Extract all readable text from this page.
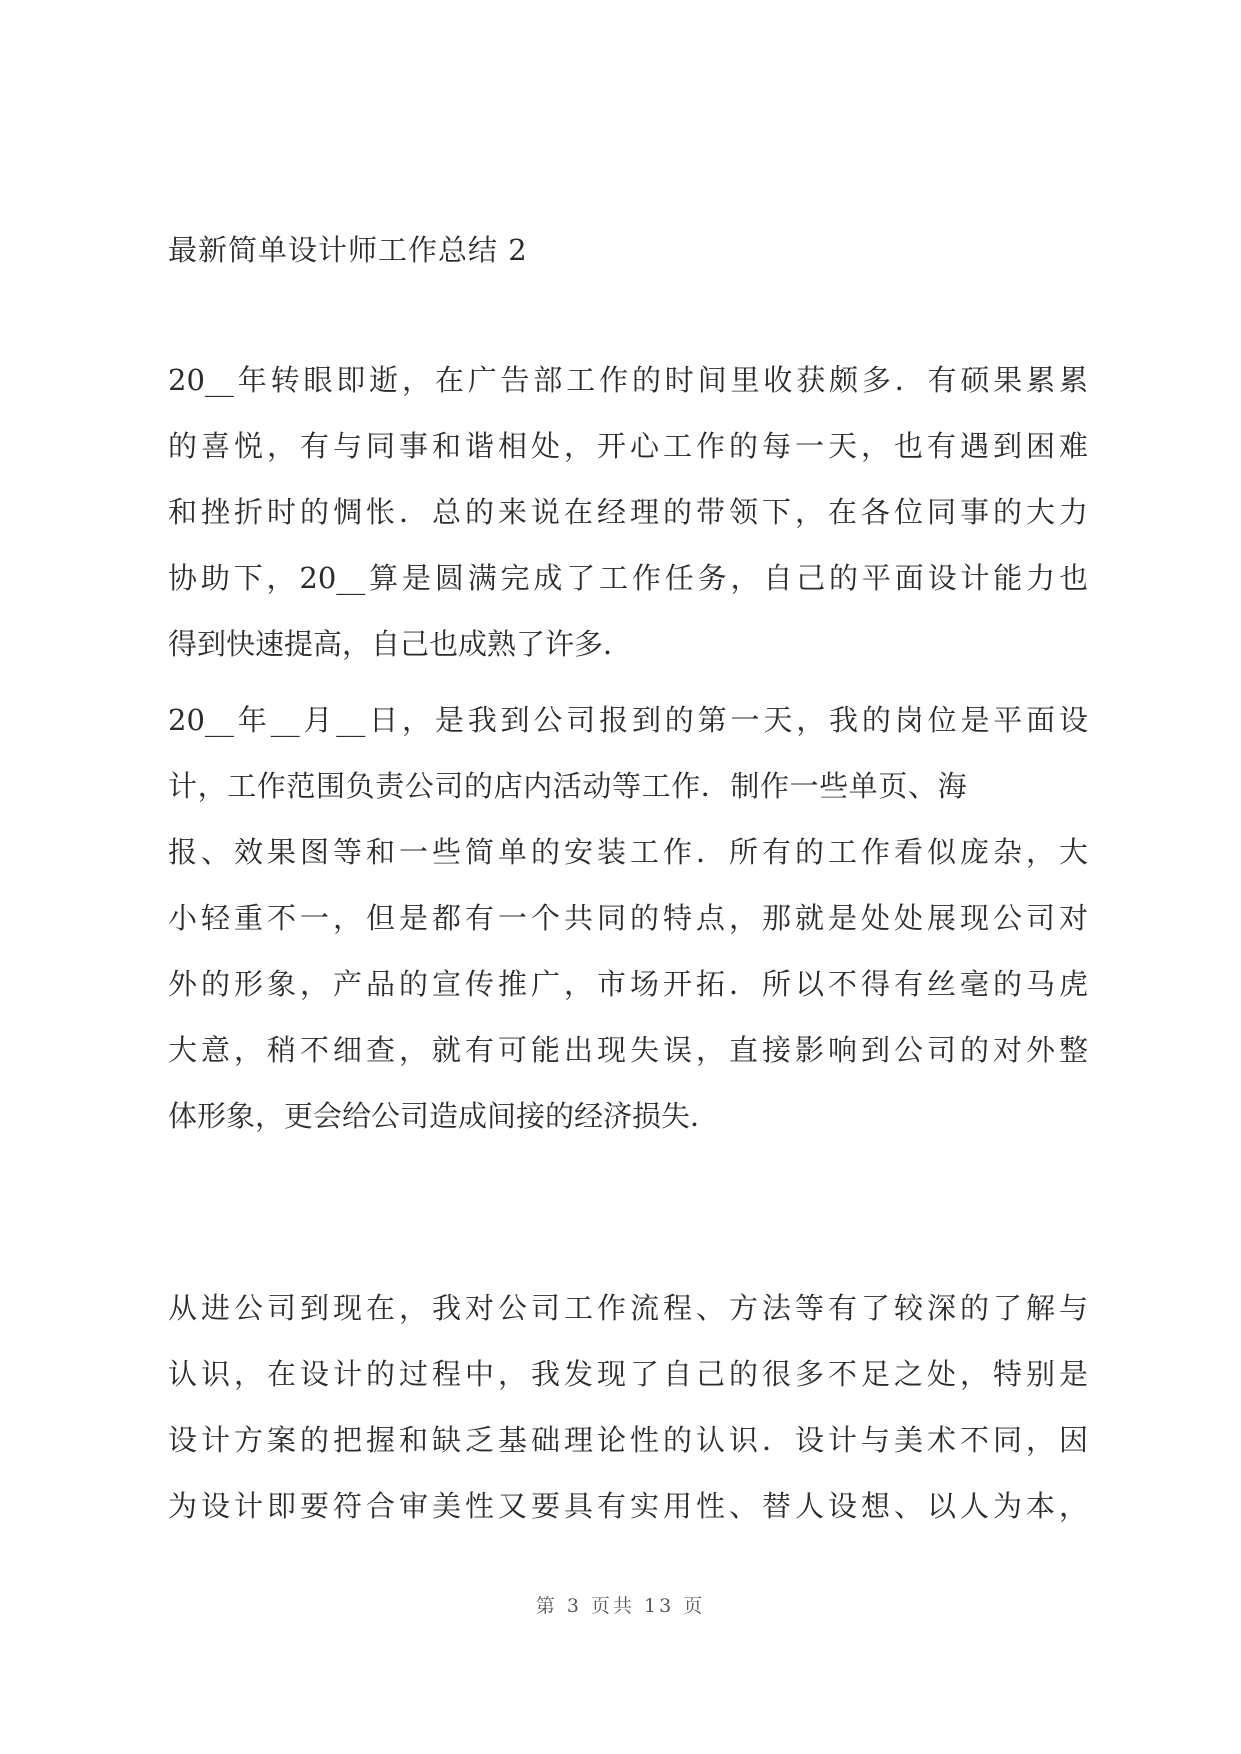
最新简单设计师工作总结 2
20__年转眼即逝，在广告部工作的时间里收获颇多．有硕果累累
的喜悦，有与同事和谐相处，开心工作的每一天，也有遇到困难
和挫折时的惆怅．总的来说在经理的带领下，在各位同事的大力
协助下，20__算是圆满完成了工作任务，自己的平面设计能力也
得到快速提高，自己也成熟了许多．
20__年__月__日，是我到公司报到的第一天，我的岗位是平面设
计，工作范围负责公司的店内活动等工作．制作一些单页、海
报、效果图等和一些简单的安装工作．所有的工作看似庞杂，大
小轻重不一，但是都有一个共同的特点，那就是处处展现公司对
外的形象，产品的宣传推广，市场开拓．所以不得有丝毫的马虎
大意，稍不细查，就有可能出现失误，直接影响到公司的对外整
体形象，更会给公司造成间接的经济损失．
从进公司到现在，我对公司工作流程、方法等有了较深的了解与
认识，在设计的过程中，我发现了自己的很多不足之处，特别是
设计方案的把握和缺乏基础理论性的认识．设计与美术不同，因
为设计即要符合审美性又要具有实用性、替人设想、以人为本，
第 3 页共 13 页
